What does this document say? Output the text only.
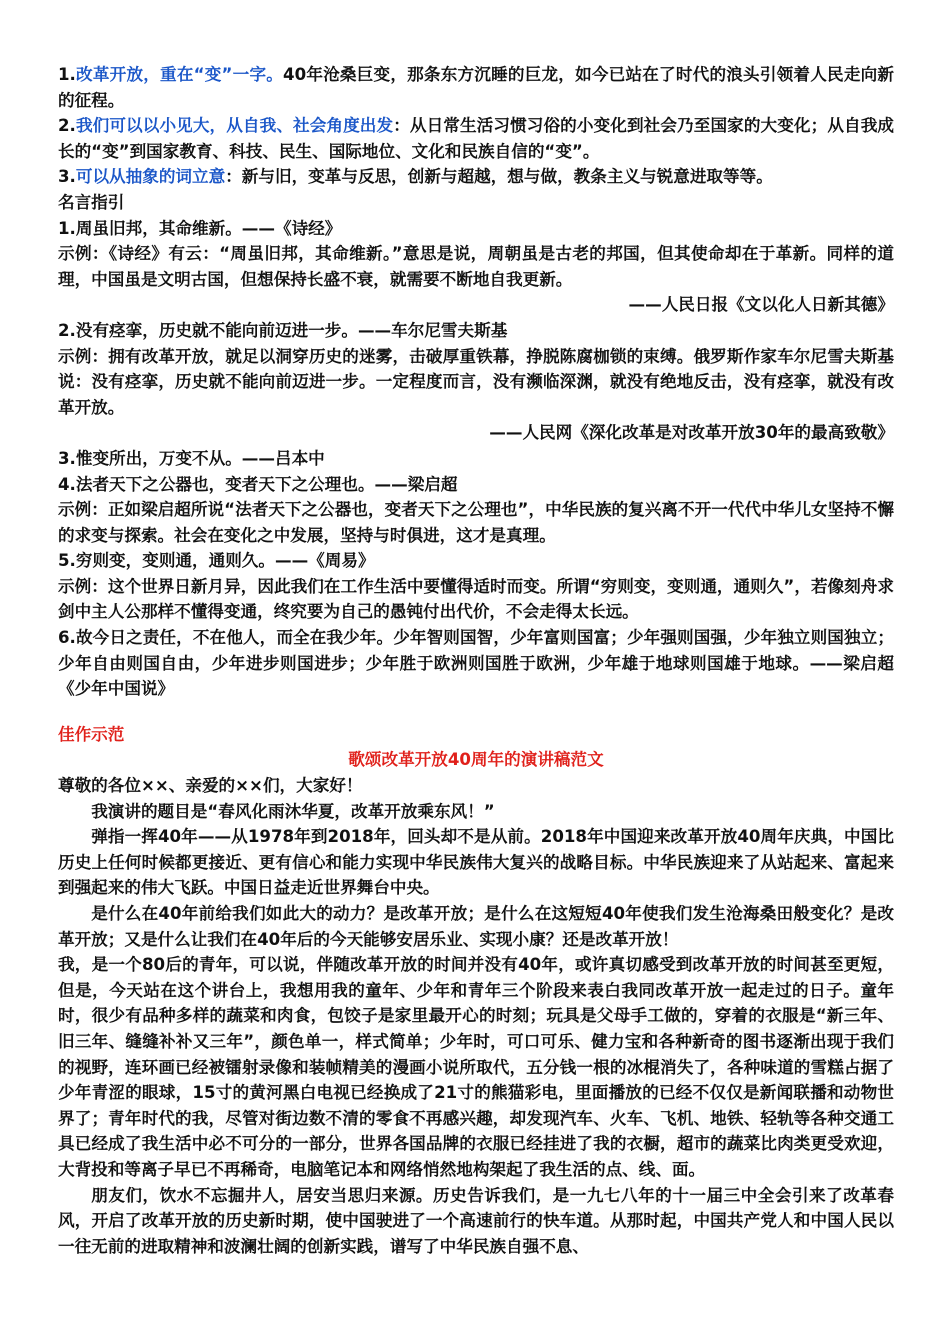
1.改革开放，重在“变”一字。40年沧桑巨变，那条东方沉睡的巨龙，如今已站在了时代的浪头引领着人民走向新的征程。

2.我们可以以小见大，从自我、社会角度出发：从日常生活习惯习俗的小变化到社会乃至国家的大变化；从自我成长的“变”到国家教育、科技、民生、国际地位、文化和民族自信的“变”。

3.可以从抽象的词立意：新与旧，变革与反思，创新与超越，想与做，教条主义与锐意进取等等。

名言指引

1.周虽旧邦，其命维新。——《诗经》

示例：《诗经》有云：“周虽旧邦，其命维新。”意思是说，周朝虽是古老的邦国，但其使命却在于革新。同样的道理，中国虽是文明古国，但想保持长盛不衰，就需要不断地自我更新。

——人民日报《文以化人日新其德》

2.没有痉挛，历史就不能向前迈进一步。——车尔尼雪夫斯基

示例：拥有改革开放，就足以洞穿历史的迷雾，击破厚重铁幕，挣脱陈腐枷锁的束缚。俄罗斯作家车尔尼雪夫斯基说：没有痉挛，历史就不能向前迈进一步。一定程度而言，没有濒临深渊，就没有绝地反击，没有痉挛，就没有改革开放。

——人民网《深化改革是对改革开放30年的最高致敬》

3.惟变所出，万变不从。——吕本中

4.法者天下之公器也，变者天下之公理也。——梁启超

示例：正如梁启超所说“法者天下之公器也，变者天下之公理也”，中华民族的复兴离不开一代代中华儿女坚持不懈的求变与探索。社会在变化之中发展，坚持与时俱进，这才是真理。

5.穷则变，变则通，通则久。——《周易》

示例：这个世界日新月异，因此我们在工作生活中要懂得适时而变。所谓“穷则变，变则通，通则久”，若像刻舟求剑中主人公那样不懂得变通，终究要为自己的愚钝付出代价，不会走得太长远。

6.故今日之责任，不在他人，而全在我少年。少年智则国智，少年富则国富；少年强则国强，少年独立则国独立；少年自由则国自由，少年进步则国进步；少年胜于欧洲则国胜于欧洲，少年雄于地球则国雄于地球。——梁启超《少年中国说》

佳作示范

歌颂改革开放40周年的演讲稿范文

尊敬的各位××、亲爱的××们，大家好！

我演讲的题目是“春风化雨沐华夏，改革开放乘东风！”

弹指一挥40年——从1978年到2018年，回头却不是从前。2018年中国迎来改革开放40周年庆典，中国比历史上任何时候都更接近、更有信心和能力实现中华民族伟大复兴的战略目标。中华民族迎来了从站起来、富起来到强起来的伟大飞跃。中国日益走近世界舞台中央。

是什么在40年前给我们如此大的动力？是改革开放；是什么在这短短40年使我们发生沧海桑田般变化？是改革开放；又是什么让我们在40年后的今天能够安居乐业、实现小康？还是改革开放！

我，是一个80后的青年，可以说，伴随改革开放的时间并没有40年，或许真切感受到改革开放的时间甚至更短，但是，今天站在这个讲台上，我想用我的童年、少年和青年三个阶段来表白我同改革开放一起走过的日子。童年时，很少有品种多样的蔬菜和肉食，包饺子是家里最开心的时刻；玩具是父母手工做的，穿着的衣服是“新三年、旧三年、缝缝补补又三年”，颜色单一，样式简单；少年时，可口可乐、健力宝和各种新奇的图书逐渐出现于我们的视野，连环画已经被镭射录像和装帧精美的漫画小说所取代，五分钱一根的冰棍消失了，各种味道的雪糕占据了少年青涩的眼球，15寸的黄河黑白电视已经换成了21寸的熊猫彩电，里面播放的已经不仅仅是新闻联播和动物世界了；青年时代的我，尽管对街边数不清的零食不再感兴趣，却发现汽车、火车、飞机、地铁、轻轨等各种交通工具已经成了我生活中必不可分的一部分，世界各国品牌的衣服已经挂进了我的衣橱，超市的蔬菜比肉类更受欢迎，大背投和等离子早已不再稀奇，电脑笔记本和网络悄然地构架起了我生活的点、线、面。

朋友们，饮水不忘掘井人，居安当思归来源。历史告诉我们，是一九七八年的十一届三中全会引来了改革春风，开启了改革开放的历史新时期，使中国驶进了一个高速前行的快车道。从那时起，中国共产党人和中国人民以一往无前的进取精神和波澜壮阔的创新实践，谱写了中华民族自强不息、
